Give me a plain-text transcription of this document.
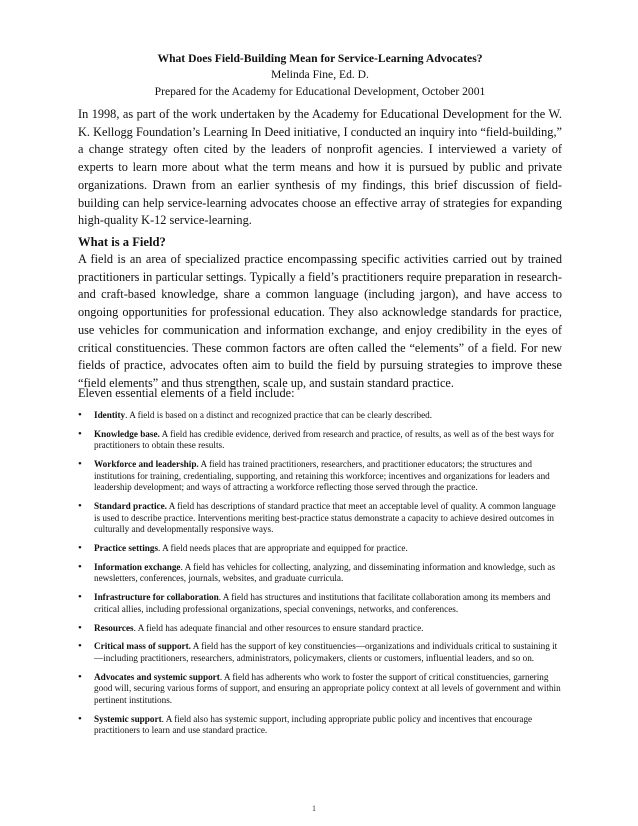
What Does Field-Building Mean for Service-Learning Advocates?
Melinda Fine, Ed. D.
Prepared for the Academy for Educational Development, October 2001

In 1998, as part of the work undertaken by the Academy for Educational Development for the W. K. Kellogg Foundation’s Learning In Deed initiative, I conducted an inquiry into “field-building,” a change strategy often cited by the leaders of nonprofit agencies. I interviewed a variety of experts to learn more about what the term means and how it is pursued by public and private organizations. Drawn from an earlier synthesis of my findings, this brief discussion of field-building can help service-learning advocates choose an effective array of strategies for expanding high-quality K-12 service-learning.

What is a Field?

A field is an area of specialized practice encompassing specific activities carried out by trained practitioners in particular settings. Typically a field’s practitioners require preparation in research- and craft-based knowledge, share a common language (including jargon), and have access to ongoing opportunities for professional education. They also acknowledge standards for practice, use vehicles for communication and information exchange, and enjoy credibility in the eyes of critical constituencies. These common factors are often called the “elements” of a field. For new fields of practice, advocates often aim to build the field by pursuing strategies to improve these “field elements” and thus strengthen, scale up, and sustain standard practice.

Eleven essential elements of a field include:

• Identity. A field is based on a distinct and recognized practice that can be clearly described.
• Knowledge base. A field has credible evidence, derived from research and practice, of results, as well as of the best ways for practitioners to obtain these results.
• Workforce and leadership. A field has trained practitioners, researchers, and practitioner educators; the structures and institutions for training, credentialing, supporting, and retaining this workforce; incentives and organizations for leaders and leadership development; and ways of attracting a workforce reflecting those served through the practice.
• Standard practice. A field has descriptions of standard practice that meet an acceptable level of quality. A common language is used to describe practice. Interventions meriting best-practice status demonstrate a capacity to achieve desired outcomes in culturally and developmentally responsive ways.
• Practice settings. A field needs places that are appropriate and equipped for practice.
• Information exchange. A field has vehicles for collecting, analyzing, and disseminating information and knowledge, such as newsletters, conferences, journals, websites, and graduate curricula.
• Infrastructure for collaboration. A field has structures and institutions that facilitate collaboration among its members and critical allies, including professional organizations, special convenings, networks, and conferences.
• Resources. A field has adequate financial and other resources to ensure standard practice.
• Critical mass of support. A field has the support of key constituencies—organizations and individuals critical to sustaining it—including practitioners, researchers, administrators, policymakers, clients or customers, influential leaders, and so on.
• Advocates and systemic support. A field has adherents who work to foster the support of critical constituencies, garnering good will, securing various forms of support, and ensuring an appropriate policy context at all levels of government and within pertinent institutions.
• Systemic support. A field also has systemic support, including appropriate public policy and incentives that encourage practitioners to learn and use standard practice.
1
